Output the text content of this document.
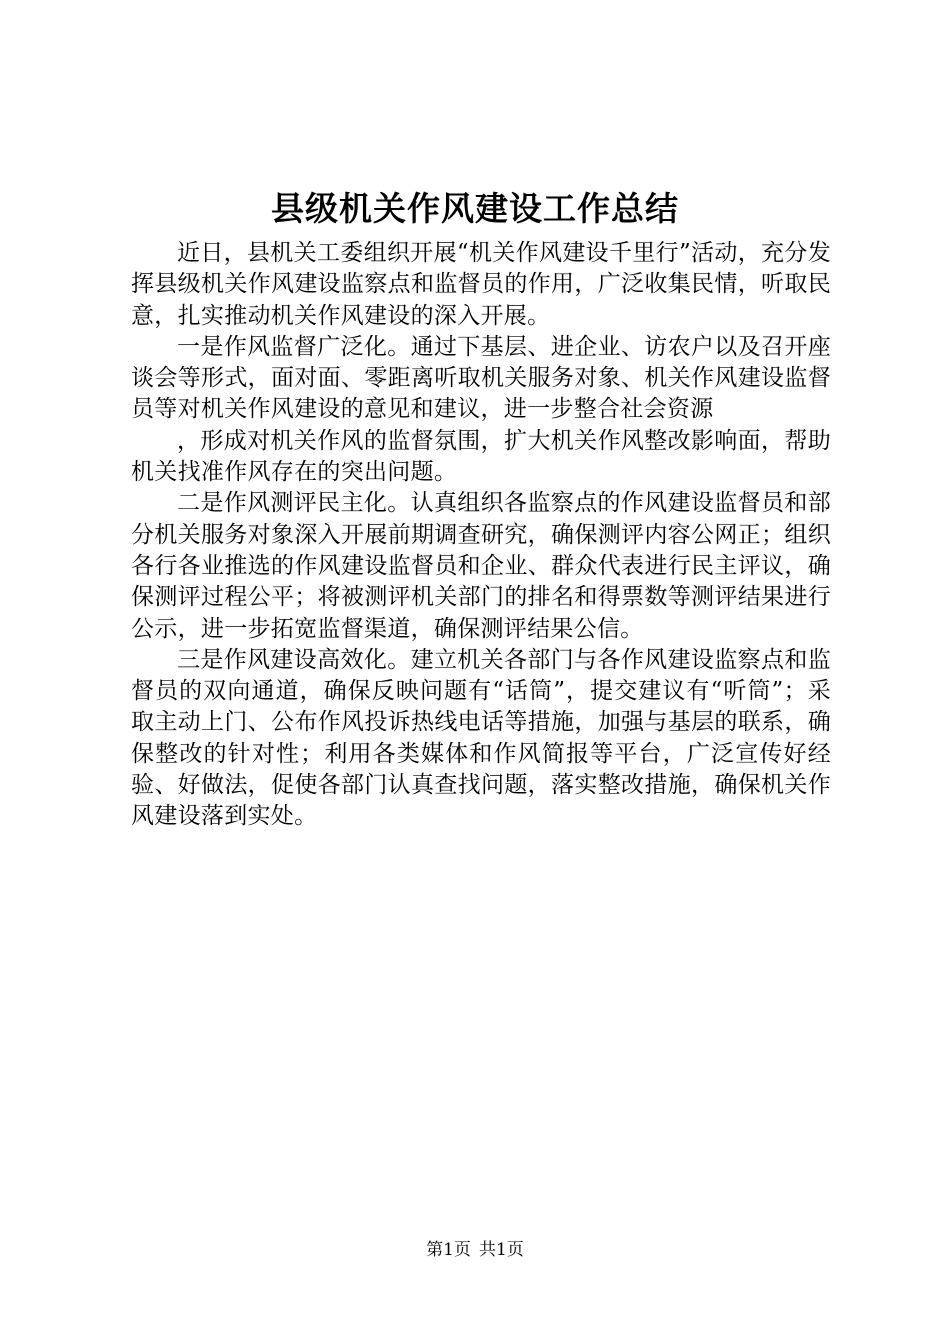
县级机关作风建设工作总结

近日，县机关工委组织开展“机关作风建设千里行”活动，充分发挥县级机关作风建设监察点和监督员的作用，广泛收集民情，听取民意，扎实推动机关作风建设的深入开展。

一是作风监督广泛化。通过下基层、进企业、访农户以及召开座谈会等形式，面对面、零距离听取机关服务对象、机关作风建设监督员等对机关作风建设的意见和建议，进一步整合社会资源

，形成对机关作风的监督氛围，扩大机关作风整改影响面，帮助机关找准作风存在的突出问题。

二是作风测评民主化。认真组织各监察点的作风建设监督员和部分机关服务对象深入开展前期调查研究，确保测评内容公网正；组织各行各业推选的作风建设监督员和企业、群众代表进行民主评议，确保测评过程公平；将被测评机关部门的排名和得票数等测评结果进行公示，进一步拓宽监督渠道，确保测评结果公信。

三是作风建设高效化。建立机关各部门与各作风建设监察点和监督员的双向通道，确保反映问题有“话筒”，提交建议有“听筒”；采取主动上门、公布作风投诉热线电话等措施，加强与基层的联系，确保整改的针对性；利用各类媒体和作风简报等平台，广泛宣传好经验、好做法，促使各部门认真查找问题，落实整改措施，确保机关作风建设落到实处。

第1页 共1页
